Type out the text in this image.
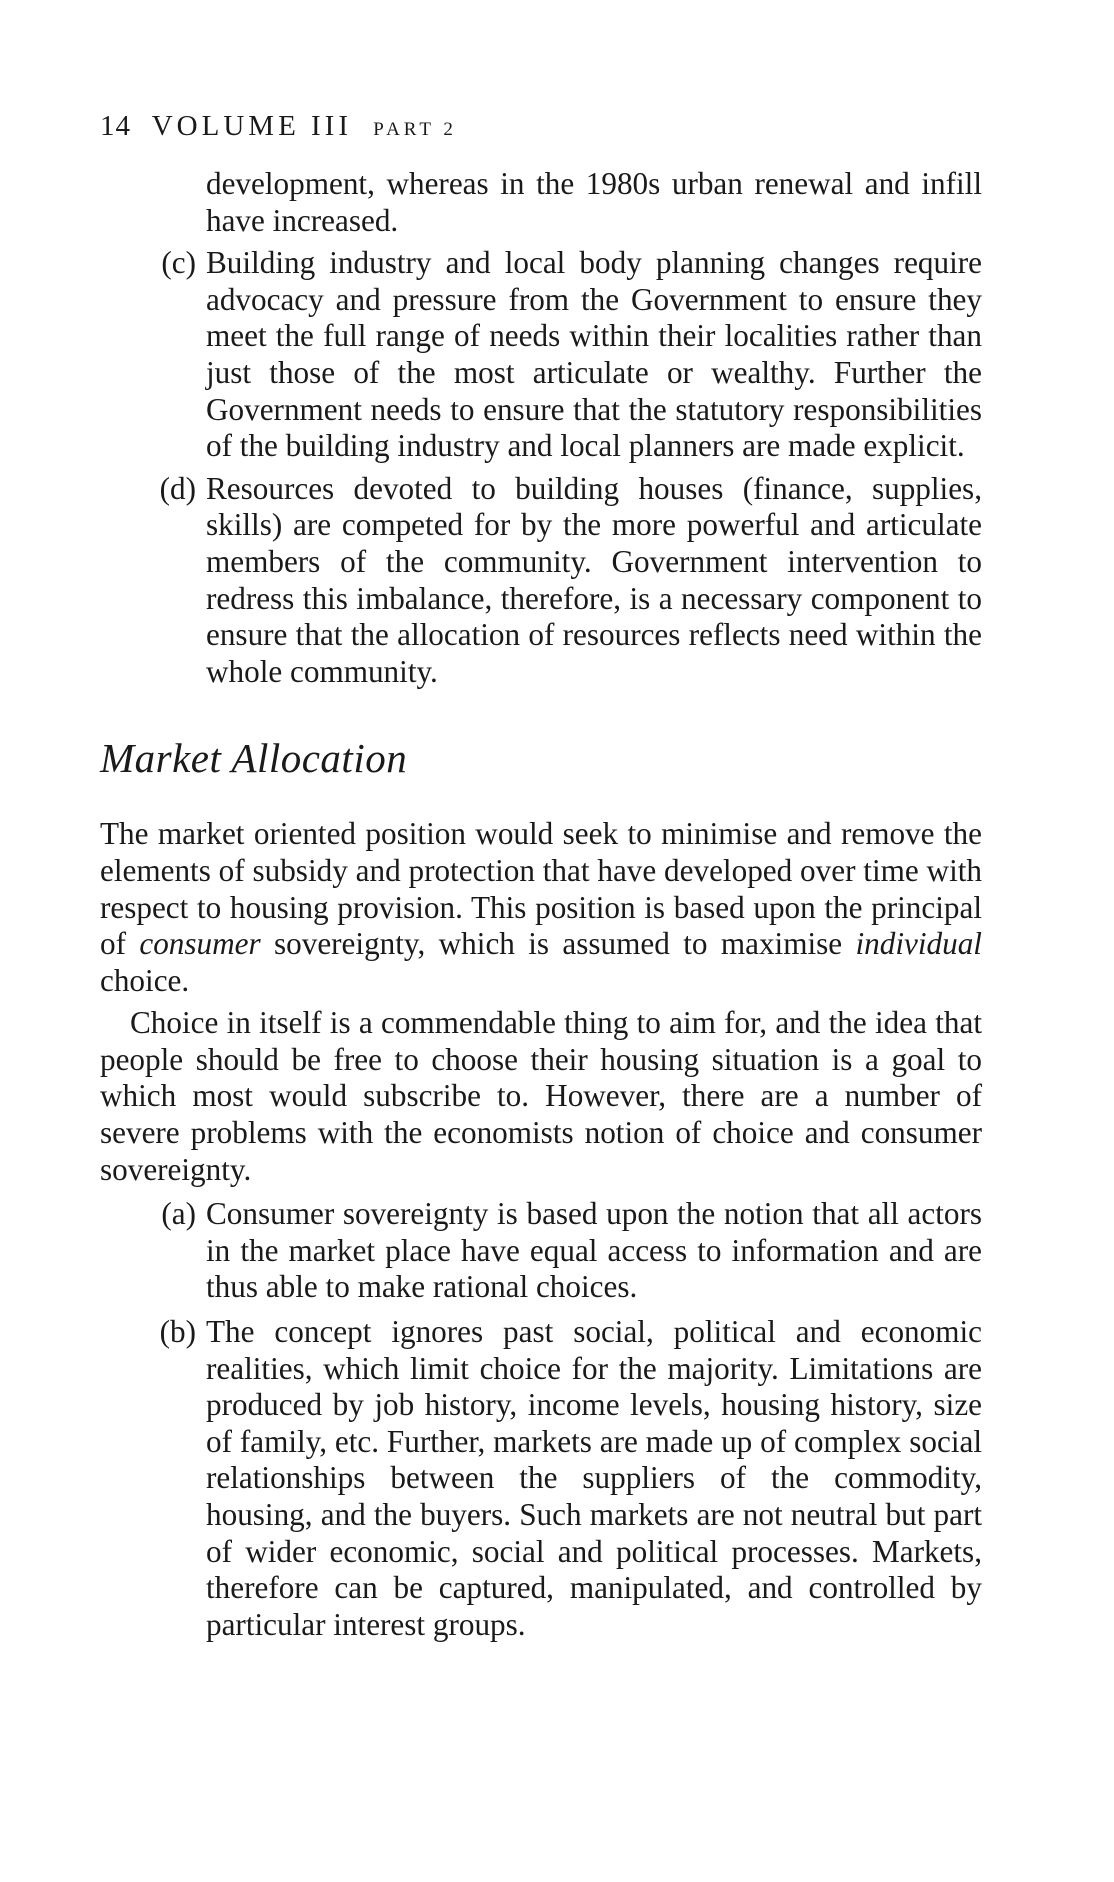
14 VOLUME III PART 2

development, whereas in the 1980s urban renewal and infill have increased.

(c) Building industry and local body planning changes require advocacy and pressure from the Government to ensure they meet the full range of needs within their localities rather than just those of the most articulate or wealthy. Further the Government needs to ensure that the statutory responsibilities of the building industry and local planners are made explicit.
(d) Resources devoted to building houses (finance, supplies, skills) are competed for by the more powerful and articulate members of the community. Government intervention to redress this imbalance, therefore, is a necessary component to ensure that the allocation of resources reflects need within the whole community.
Market Allocation

The market oriented position would seek to minimise and remove the elements of subsidy and protection that have developed over time with respect to housing provision. This position is based upon the principal of consumer sovereignty, which is assumed to maximise individual choice.

Choice in itself is a commendable thing to aim for, and the idea that people should be free to choose their housing situation is a goal to which most would subscribe to. However, there are a number of severe problems with the economists notion of choice and consumer sovereignty.

(a) Consumer sovereignty is based upon the notion that all actors in the market place have equal access to information and are thus able to make rational choices.
(b) The concept ignores past social, political and economic realities, which limit choice for the majority. Limitations are produced by job history, income levels, housing history, size of family, etc. Further, markets are made up of complex social relationships between the suppliers of the commodity, housing, and the buyers. Such markets are not neutral but part of wider economic, social and political processes. Markets, therefore can be captured, manipulated, and controlled by particular interest groups.
